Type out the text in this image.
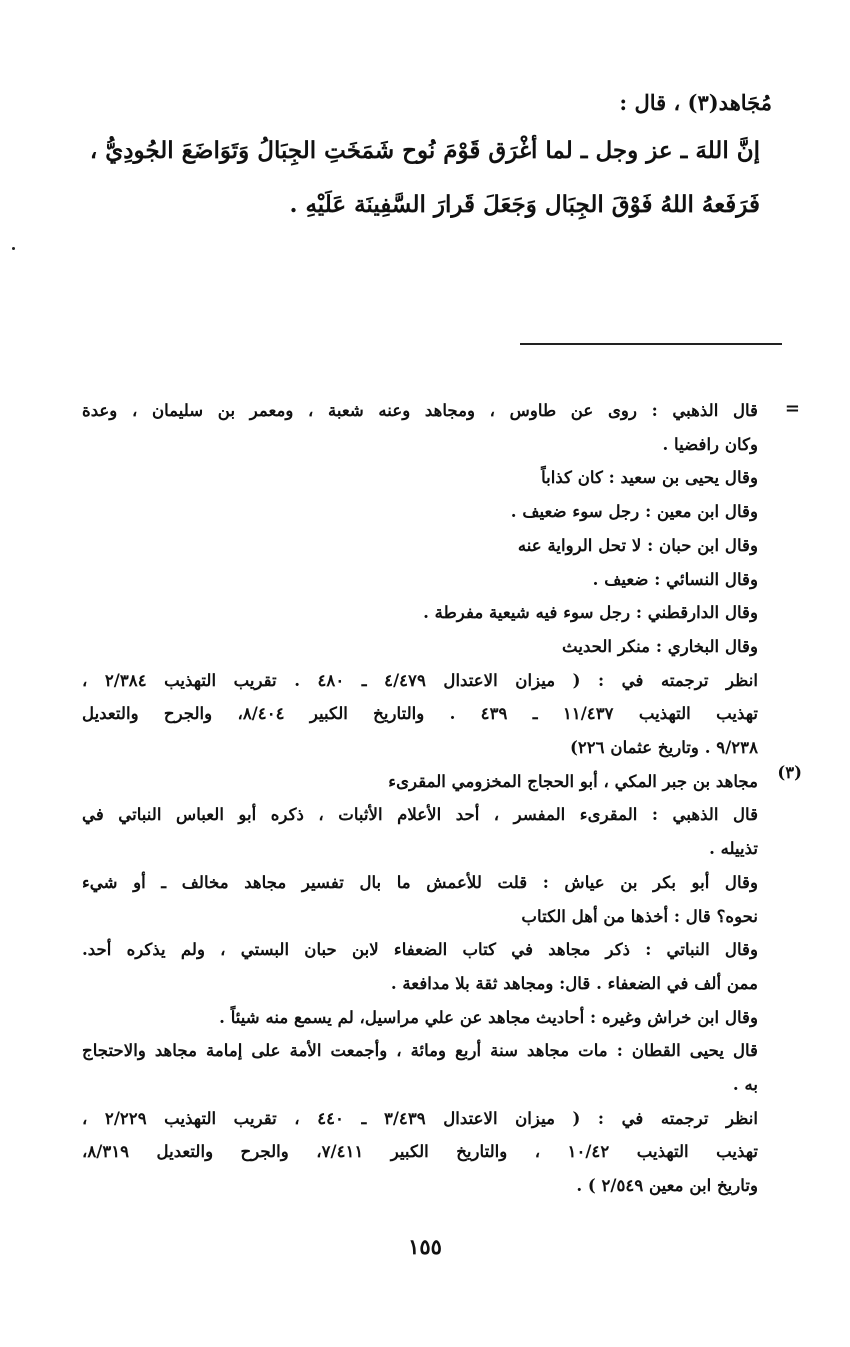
مُجَاهد(٣) ، قال :

إنَّ اللهَ ـ عز وجل ـ لما أغْرَق قَوْمَ نُوح شَمَخَتِ الجِبَالُ وَتَوَاضَعَ الجُودِيُّ ،
فَرَفَعهُ اللهُ فَوْقَ الجِبَال وَجَعَلَ قَرارَ السَّفِينَة عَلَيْهِ .

=

قال الذهبي : روى عن طاوس ، ومجاهد وعنه شعبة ، ومعمر بن سليمان ، وعدة

وكان رافضيا .

وقال يحيى بن سعيد : كان كذاباً

وقال ابن معين : رجل سوء ضعيف .

وقال ابن حبان : لا تحل الرواية عنه

وقال النسائي : ضعيف .

وقال الدارقطني : رجل سوء فيه شيعية مفرطة .

وقال البخاري : منكر الحديث

انظر ترجمته في : ( ميزان الاعتدال ٤/٤٧٩ ـ ٤٨٠ . تقريب التهذيب ٢/٣٨٤ ،

تهذيب التهذيب ١١/٤٣٧ ـ ٤٣٩ . والتاريخ الكبير ٨/٤٠٤، والجرح والتعديل

٩/٢٣٨ . وتاريخ عثمان ٢٢٦)

مجاهد بن جبر المكي ، أبو الحجاج المخزومي المقرىء

قال الذهبي : المقرىء المفسر ، أحد الأعلام الأثبات ، ذكره أبو العباس النباتي في

تذييله .

وقال أبو بكر بن عياش : قلت للأعمش ما بال تفسير مجاهد مخالف ـ أو شيء

نحوه؟ قال : أخذها من أهل الكتاب

وقال النباتي : ذكر مجاهد في كتاب الضعفاء لابن حبان البستي ، ولم يذكره أحد.

ممن ألف في الضعفاء . قال: ومجاهد ثقة بلا مدافعة .

وقال ابن خراش وغيره : أحاديث مجاهد عن علي مراسيل، لم يسمع منه شيئاً .

قال يحيى القطان : مات مجاهد سنة أربع ومائة ، وأجمعت الأمة على إمامة مجاهد والاحتجاج

به .

انظر ترجمته في : ( ميزان الاعتدال ٣/٤٣٩ ـ ٤٤٠ ، تقريب التهذيب ٢/٢٢٩ ،

تهذيب التهذيب ١٠/٤٢ ، والتاريخ الكبير ٧/٤١١، والجرح والتعديل ٨/٣١٩،

وتاريخ ابن معين ٢/٥٤٩ ) .

(٣)
١٥٥
